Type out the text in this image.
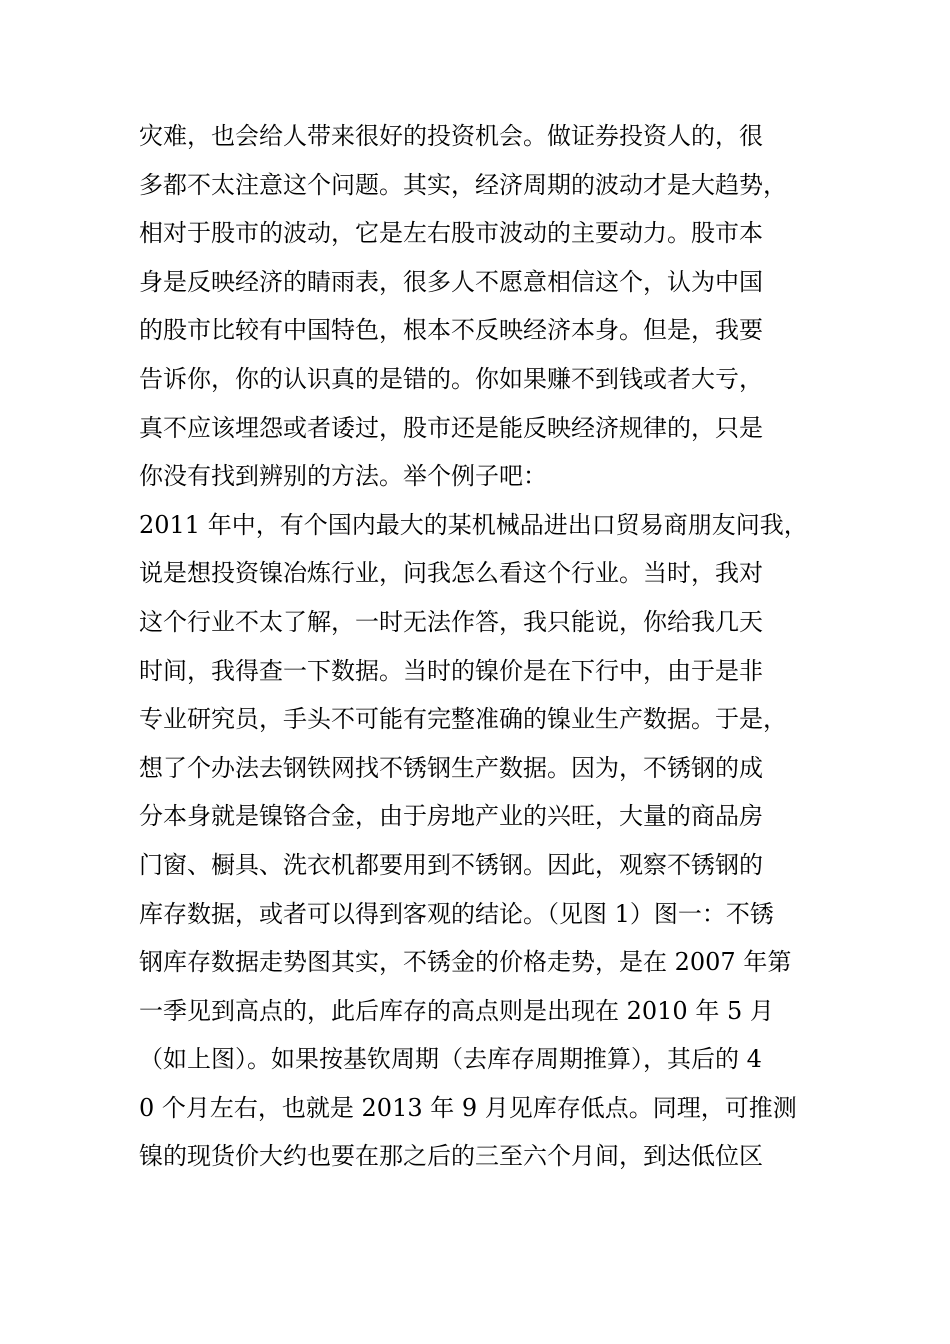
灾难，也会给人带来很好的投资机会。做证券投资人的，很
多都不太注意这个问题。其实，经济周期的波动才是大趋势，
相对于股市的波动，它是左右股市波动的主要动力。股市本
身是反映经济的睛雨表，很多人不愿意相信这个，认为中国
的股市比较有中国特色，根本不反映经济本身。但是，我要
告诉你，你的认识真的是错的。你如果赚不到钱或者大亏，
真不应该埋怨或者诿过，股市还是能反映经济规律的，只是
你没有找到辨别的方法。举个例子吧：
2011 年中，有个国内最大的某机械品进出口贸易商朋友问我，
说是想投资镍冶炼行业，问我怎么看这个行业。当时，我对
这个行业不太了解，一时无法作答，我只能说，你给我几天
时间，我得查一下数据。当时的镍价是在下行中，由于是非
专业研究员，手头不可能有完整准确的镍业生产数据。于是，
想了个办法去钢铁网找不锈钢生产数据。因为，不锈钢的成
分本身就是镍铬合金，由于房地产业的兴旺，大量的商品房
门窗、橱具、洗衣机都要用到不锈钢。因此，观察不锈钢的
库存数据，或者可以得到客观的结论。（见图 1）图一：不锈
钢库存数据走势图其实，不锈金的价格走势，是在 2007 年第
一季见到高点的，此后库存的高点则是出现在 2010 年 5 月
（如上图）。如果按基钦周期（去库存周期推算），其后的 4
0 个月左右，也就是 2013 年 9 月见库存低点。同理，可推测
镍的现货价大约也要在那之后的三至六个月间，到达低位区
